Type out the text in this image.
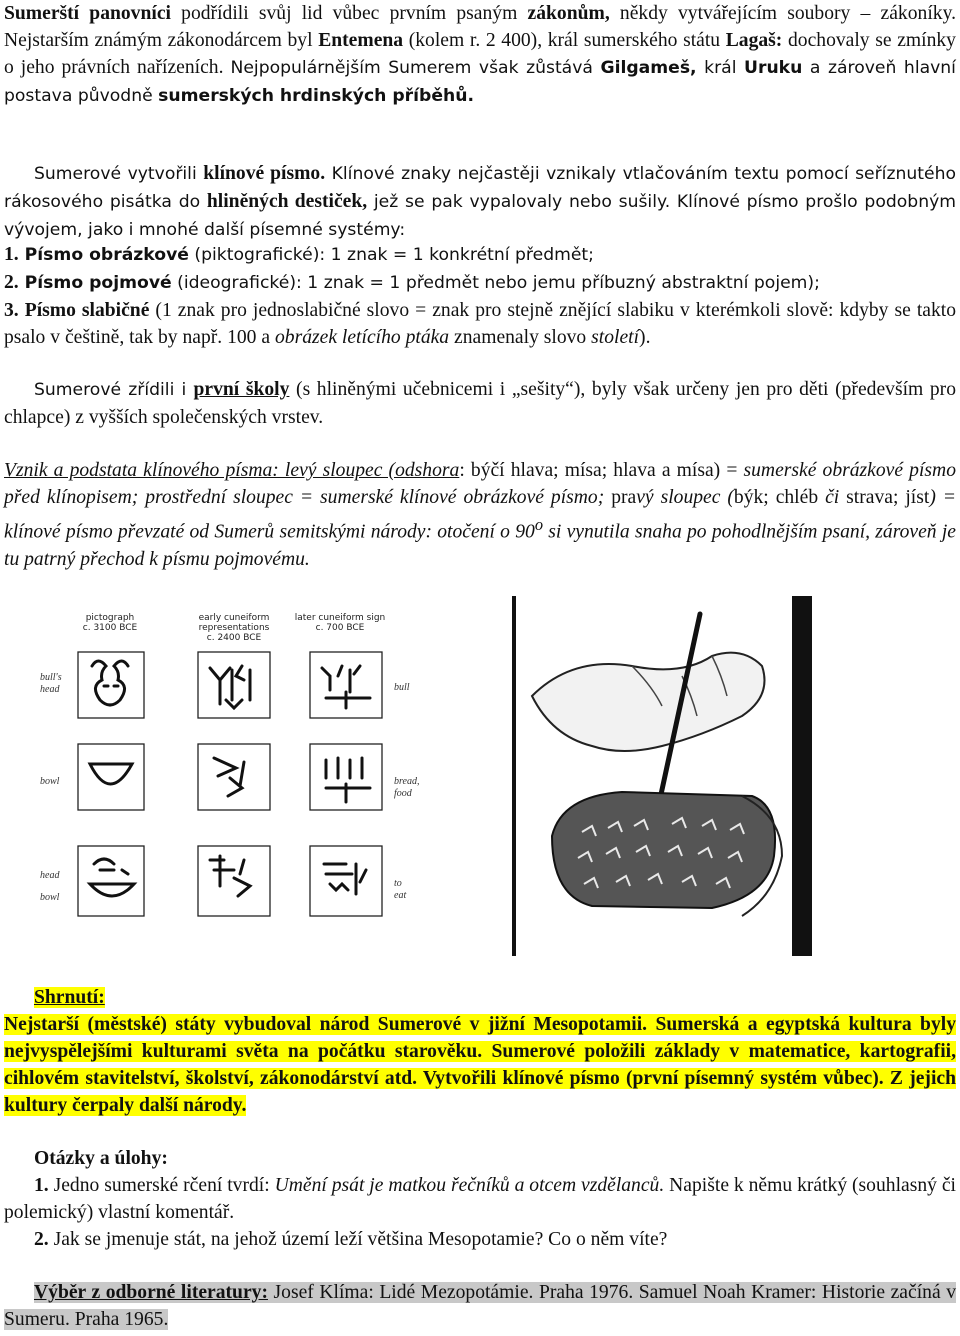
Sumerští panovníci podřídili svůj lid vůbec prvním psaným zákonům, někdy vytvářejícím soubory – zákoníky. Nejstarším známým zákonodárcem byl Entemena (kolem r. 2 400), král sumerského státu Lagaš: dochovaly se zmínky o jeho právních nařízeních. Nejpopulárnějším Sumerem však zůstává Gilgameš, král Uruku a zároveň hlavní postava původně sumerských hrdinských příběhů.

Sumerové vytvořili klínové písmo. Klínové znaky nejčastěji vznikaly vtlačováním textu pomocí seříznutého rákosového pisátka do hliněných destiček, jež se pak vypalovaly nebo sušily. Klínové písmo prošlo podobným vývojem, jako i mnohé další písemné systémy:

1. Písmo obrázkové (piktografické): 1 znak = 1 konkrétní předmět;

2. Písmo pojmové (ideografické): 1 znak = 1 předmět nebo jemu příbuzný abstraktní pojem);

3. Písmo slabičné (1 znak pro jednoslabičné slovo = znak pro stejně znějící slabiku v kterémkoli slově: kdyby se takto psalo v češtině, tak by např. 100 a obrázek letícího ptáka znamenaly slovo století).

Sumerové zřídili i první školy (s hliněnými učebnicemi i „sešity“), byly však určeny jen pro děti (především pro chlapce) z vyšších společenských vrstev.

Vznik a podstata klínového písma: levý sloupec (odshora: býčí hlava; mísa; hlava a mísa) = sumerské obrázkové písmo před klínopisem; prostřední sloupec = sumerské klínové obrázkové písmo; pravý sloupec (býk; chléb či strava; jíst) = klínové písmo převzaté od Sumerů semitskými národy: otočení o 90$^o$ si vynutila snaha po pohodlnějším psaní, zároveň je tu patrný přechod k písmu pojmovému.

pictograph
c. 3100 BCE
early cuneiform
representations
c. 2400 BCE
later cuneiform sign
c. 700 BCE
bull's
head
bowl
head
bowl
bull
bread,
food
to
eat

Shrnutí:

Nejstarší (městské) státy vybudoval národ Sumerové v jižní Mesopotamii. Sumerská a egyptská kultura byly nejvyspělejšími kulturami světa na počátku starověku. Sumerové položili základy v matematice, kartografii, cihlovém stavitelství, školství, zákonodárství atd. Vytvořili klínové písmo (první písemný systém vůbec). Z jejich kultury čerpaly další národy.

Otázky a úlohy:

1. Jedno sumerské rčení tvrdí: Umění psát je matkou řečníků a otcem vzdělanců. Napište k němu krátký (souhlasný či polemický) vlastní komentář.

2. Jak se jmenuje stát, na jehož území leží většina Mesopotamie? Co o něm víte?

Výběr z odborné literatury: Josef Klíma: Lidé Mezopotámie. Praha 1976. Samuel Noah Kramer: Historie začíná v Sumeru. Praha 1965.
